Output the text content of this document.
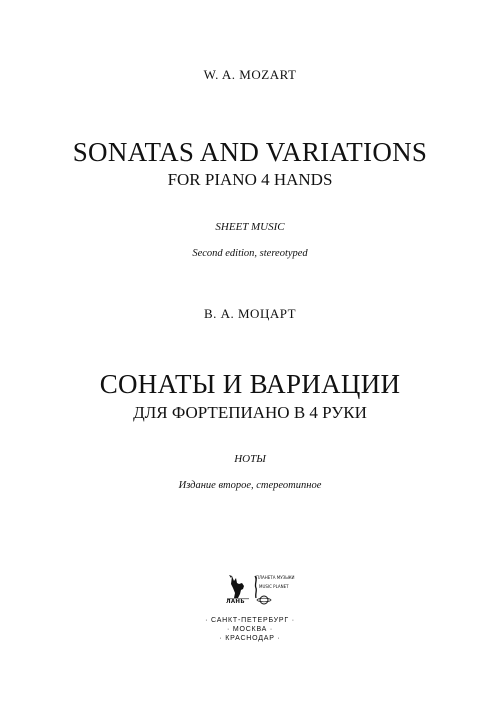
W. A. MOZART
SONATAS AND VARIATIONS
FOR PIANO 4 HANDS
SHEET MUSIC
Second edition, stereotyped
В. А. МОЦАРТ
СОНАТЫ И ВАРИАЦИИ
ДЛЯ ФОРТЕПИАНО В 4 РУКИ
НОТЫ
Издание второе, стереотипное
ЛАНЬ
ПЛАНЕТА МУЗЫКИ
MUSIC PLANET
· САНКТ-ПЕТЕРБУРГ ·
· МОСКВА ·
· КРАСНОДАР ·
